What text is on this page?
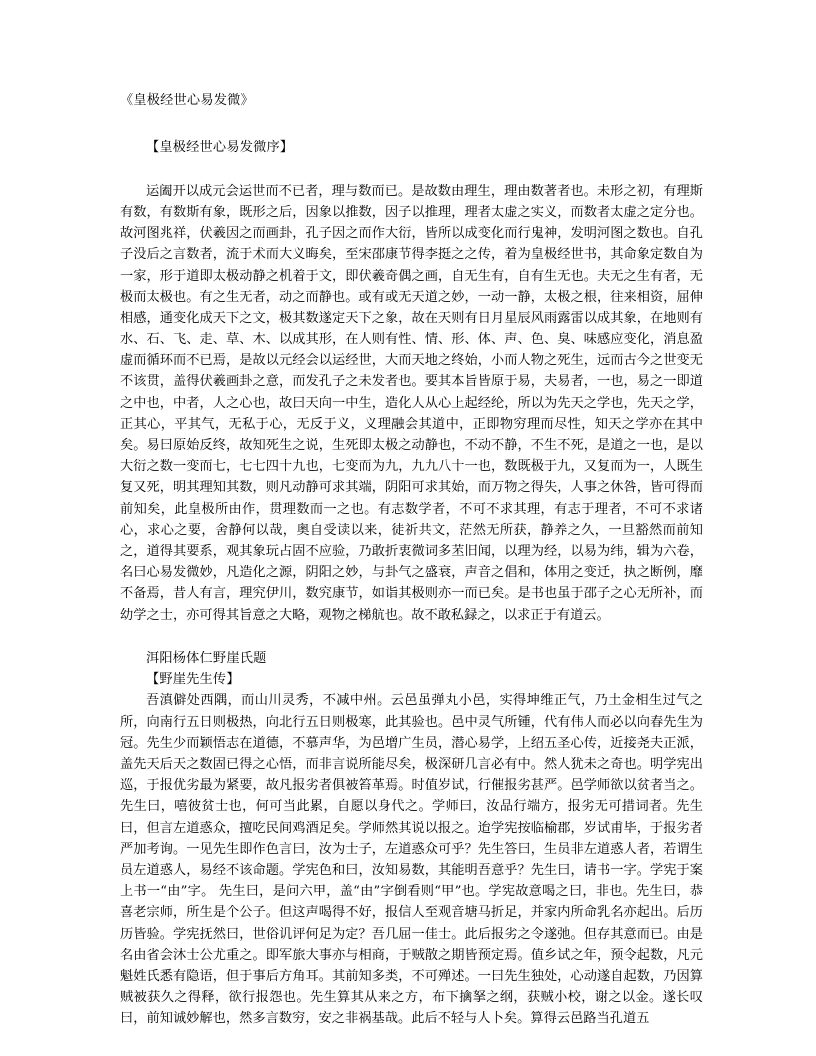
《皇极经世心易发微》

【皇极经世心易发微序】

运阖开以成元会运世而不已者，理与数而已。是故数由理生，理由数著者也。未形之初，有理斯有数，有数斯有象，既形之后，因象以推数，因子以推理，理者太虚之实义，而数者太虚之定分也。故河图兆祥，伏羲因之而画卦，孔子因之而作大衍，皆所以成变化而行鬼神，发明河图之数也。自孔子没后之言数者，流于术而大义晦矣，至宋邵康节得李挺之之传，着为皇极经世书，其命象定数自为一家，形于道即太极动静之机着于文，即伏羲奇偶之画，自无生有，自有生无也。夫无之生有者，无极而太极也。有之生无者，动之而静也。或有或无天道之妙，一动一静，太极之根，往来相资，屈伸相感，通变化成天下之文，极其数遂定天下之象，故在天则有日月星辰风雨露雷以成其象，在地则有水、石、飞、走、草、木、以成其形，在人则有性、情、形、体、声、色、臭、味感应变化，消息盈虚而循环而不已焉，是故以元经会以运经世，大而天地之终始，小而人物之死生，远而古今之世变无不该贯，盖得伏羲画卦之意，而发孔子之未发者也。要其本旨皆原于易，夫易者，一也，易之一即道之中也，中者，人之心也，故曰天向一中生，造化人从心上起经纶，所以为先天之学也，先天之学，正其心，平其气，无私于心，无反于义，义理融会其道中，正即物穷理而尽性，知天之学亦在其中矣。易曰原始反终，故知死生之说，生死即太极之动静也，不动不静，不生不死，是道之一也，是以大衍之数一变而七，七七四十九也，七变而为九，九九八十一也，数既极于九，又复而为一，人既生复又死，明其理知其数，则凡动静可求其端，阴阳可求其始，而万物之得失，人事之休咎，皆可得而前知矣，此皇极所由作，贯理数而一之也。有志数学者，不可不求其理，有志于理者，不可不求诸心，求心之要，舍静何以哉，奥自受读以来，徒祈共文，茫然无所获，静养之久，一旦豁然而前知之，道得其要系，观其象玩占固不应验，乃敢折衷微词多苤旧闻，以理为经，以易为纬，辑为六卷，名曰心易发微妙，凡造化之源，阴阳之妙，与卦气之盛衰，声音之倡和，体用之变迁，执之断例，靡不备焉，昔人有言，理究伊川，数究康节，如诣其极则亦一而已矣。是书也虽于邵子之心无所补，而幼学之士，亦可得其旨意之大略，观物之梯航也。故不敢私録之，以求正于有道云。

洱阳杨体仁野崖氏题

【野崖先生传】

吾滇僻处西隅，而山川灵秀，不减中州。云邑虽弹丸小邑，实得坤维正气，乃土金相生过气之所，向南行五日则极热，向北行五日则极寒，此其验也。邑中灵气所锺，代有伟人而必以向春先生为冠。先生少而颖悟志在道德，不慕声华，为邑增广生员，潜心易学，上绍五圣心传，近接尧夫正派，盖先天后天之数固已得之心悟，而非言说所能尽矣，极深研几言必有中。然人犹未之奇也。明学宪出巡，于报优劣最为紧要，故凡报劣者俱被笞革焉。时值岁试，行催报劣甚严。邑学师欲以贫者当之。先生曰，嘻彼贫士也，何可当此累，自愿以身代之。学师曰，汝品行端方，报劣无可措词者。先生曰，但言左道惑众，擅吃民间鸡酒足矣。学师然其说以报之。迨学宪按临榆郡，岁试甫毕，于报劣者严加考询。一见先生即作色言曰，汝为士子，左道惑众可乎？先生答曰，生员非左道惑人者，若谓生员左道惑人，易经不该命题。学宪色和曰，汝知易数，其能明吾意乎？先生曰，请书一字。学宪于案上书一“由”字。 先生曰，是问六甲，盖“由”字倒看则“甲”也。学宪故意喝之曰，非也。先生曰，恭喜老宗师，所生是个公子。但这声喝得不好，报信人至观音塘马折足，并家内所命乳名亦起出。后历历皆验。学宪抚然曰，世俗讥评何足为定？吾几屈一佳士。此后报劣之令遂弛。但存其意而已。由是名由省会沐士公尤重之。即军旅大事亦与相商，于贼散之期皆预定焉。值乡试之年，预令起数，凡元魁姓氏悉有隐语，但于事后方角耳。其前知多类，不可殚述。一曰先生独处，心动遂自起数，乃因算贼被获久之得释，欲行报怨也。先生算其从来之方，布下擒拏之纲，获贼小校，谢之以金。遂长叹曰，前知诚妙解也，然多言数穷，安之非祸基哉。此后不轻与人卜矣。算得云邑路当孔道五
